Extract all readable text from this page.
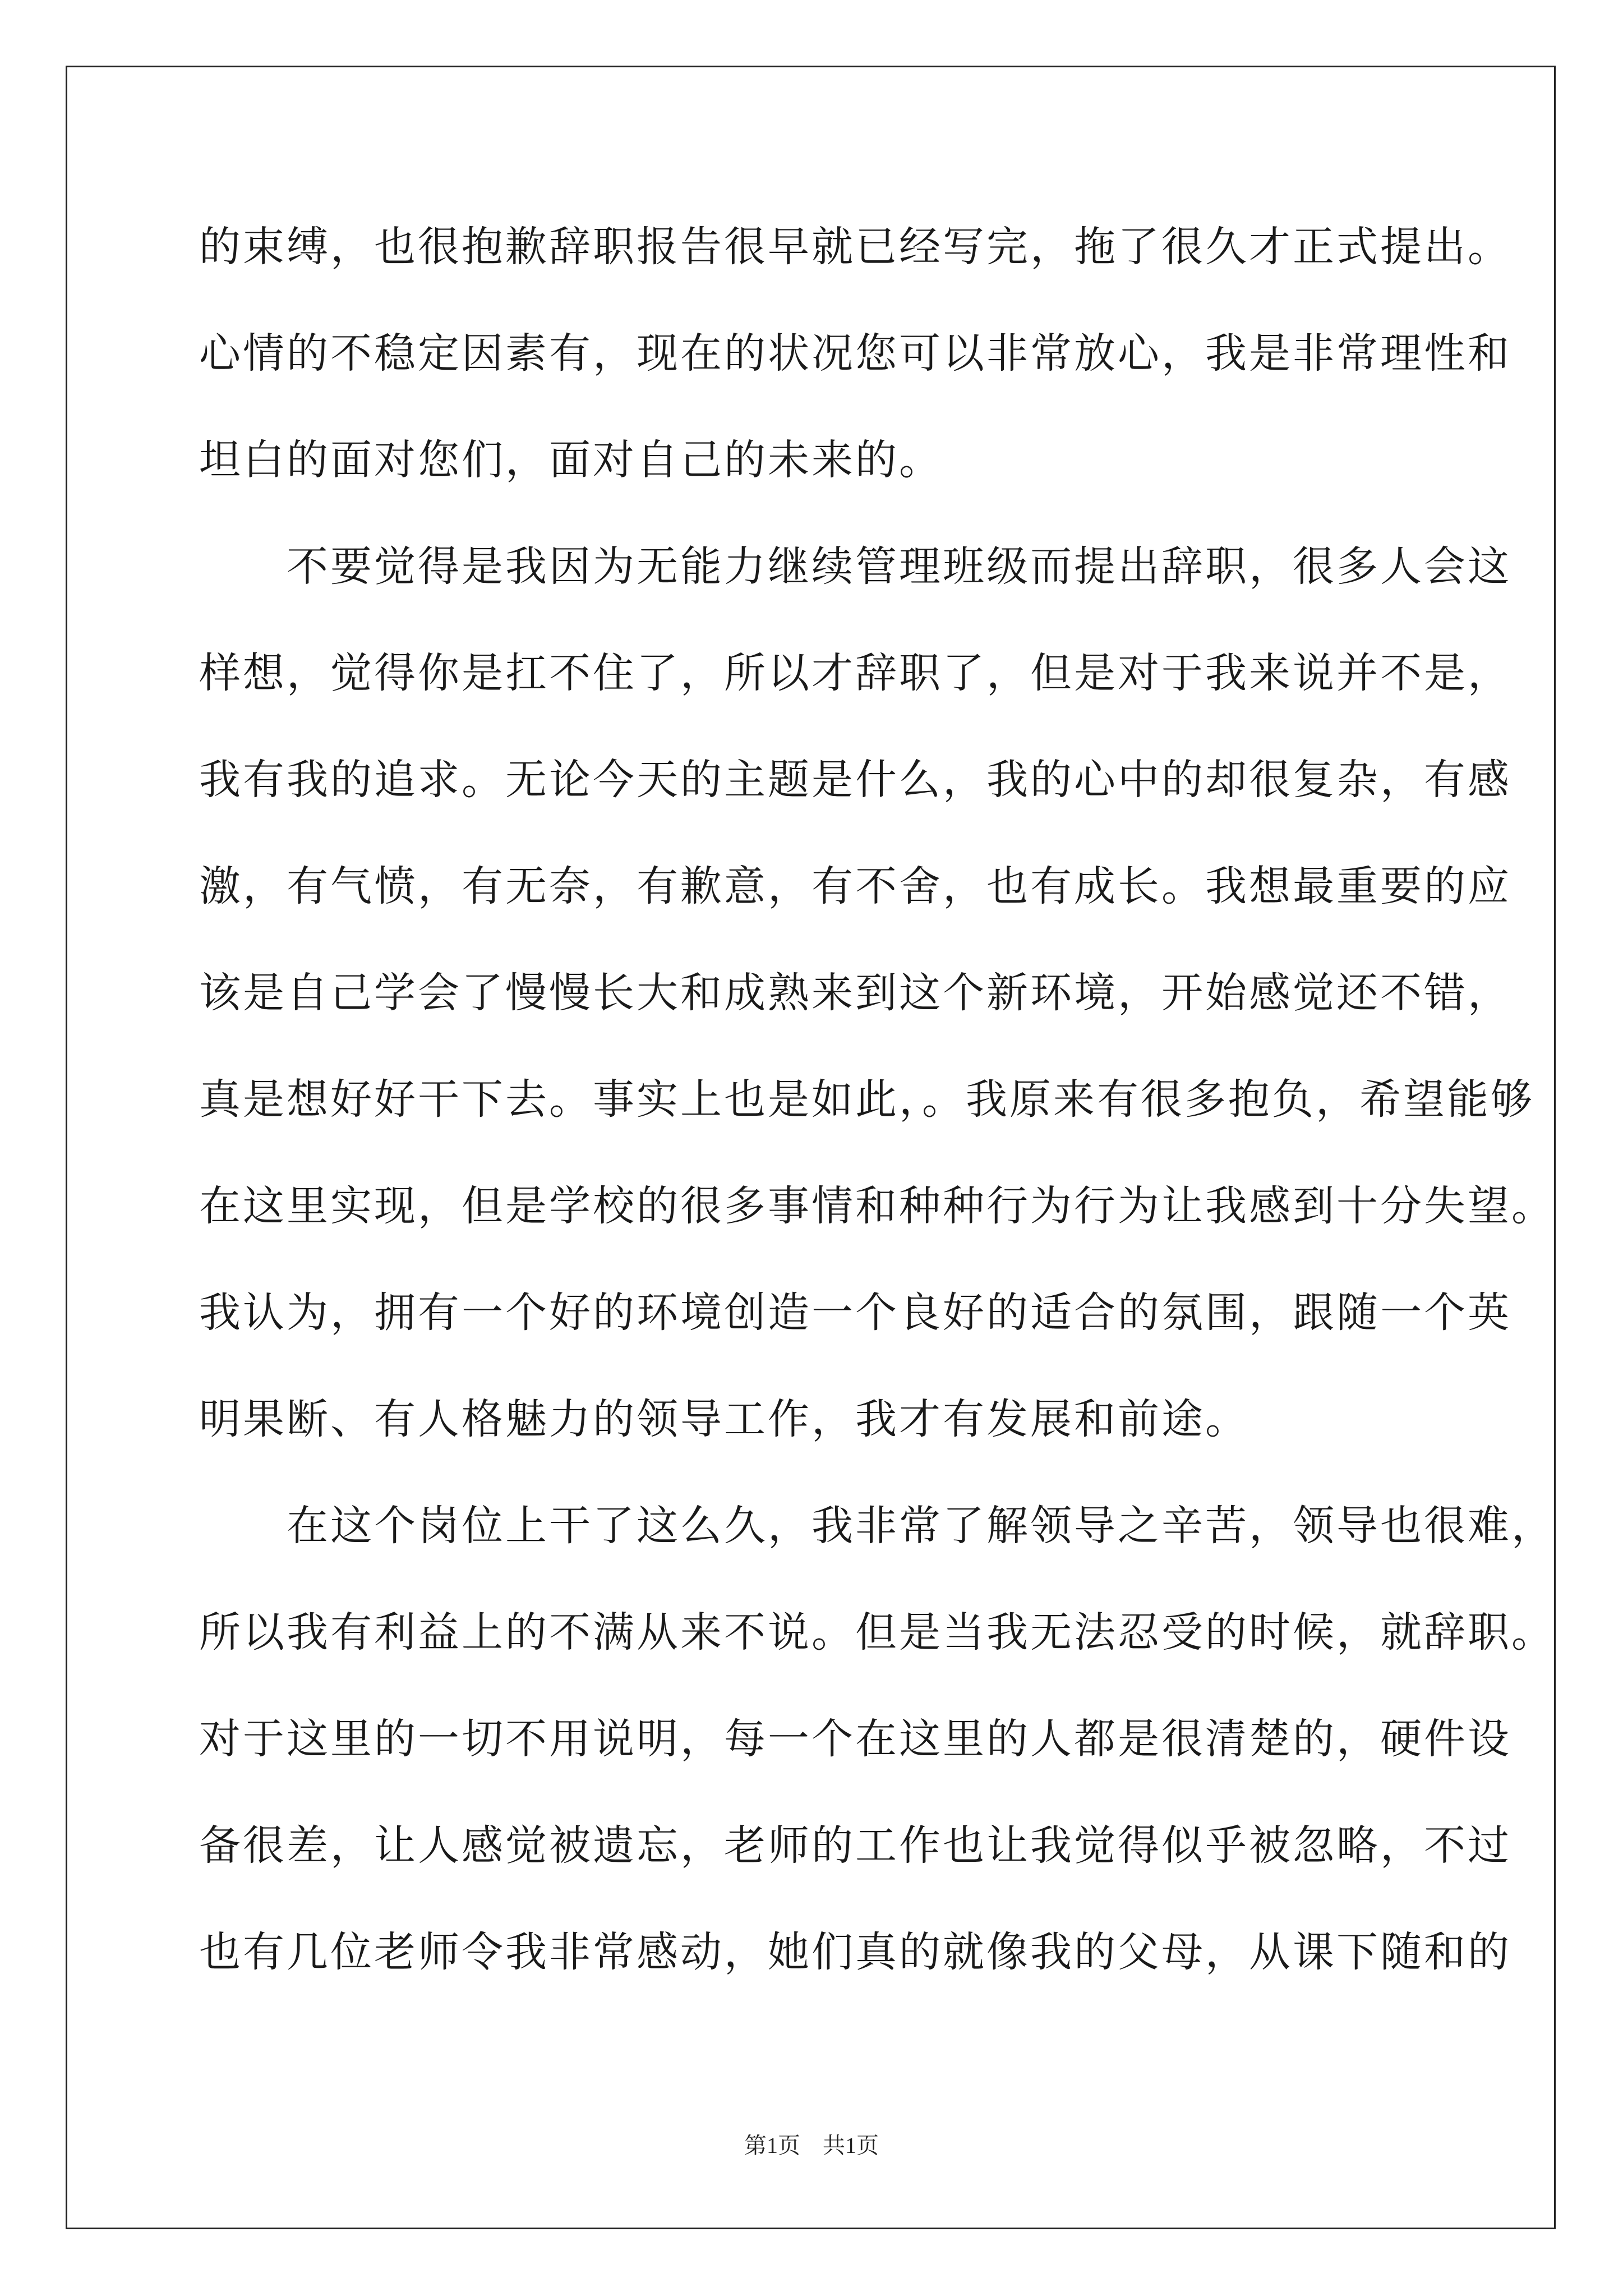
的束缚，也很抱歉辞职报告很早就已经写完，拖了很久才正式提出。
心情的不稳定因素有，现在的状况您可以非常放心，我是非常理性和
坦白的面对您们，面对自己的未来的。
　　不要觉得是我因为无能力继续管理班级而提出辞职，很多人会这
样想，觉得你是扛不住了，所以才辞职了，但是对于我来说并不是，
我有我的追求。无论今天的主题是什么，我的心中的却很复杂，有感
激，有气愤，有无奈，有歉意，有不舍，也有成长。我想最重要的应
该是自己学会了慢慢长大和成熟来到这个新环境，开始感觉还不错，
真是想好好干下去。事实上也是如此，。我原来有很多抱负，希望能够
在这里实现，但是学校的很多事情和种种行为行为让我感到十分失望。
我认为，拥有一个好的环境创造一个良好的适合的氛围，跟随一个英
明果断、有人格魅力的领导工作，我才有发展和前途。
　　在这个岗位上干了这么久，我非常了解领导之辛苦，领导也很难，
所以我有利益上的不满从来不说。但是当我无法忍受的时候，就辞职。
对于这里的一切不用说明，每一个在这里的人都是很清楚的，硬件设
备很差，让人感觉被遗忘，老师的工作也让我觉得似乎被忽略，不过
也有几位老师令我非常感动，她们真的就像我的父母，从课下随和的
第1页　共1页
